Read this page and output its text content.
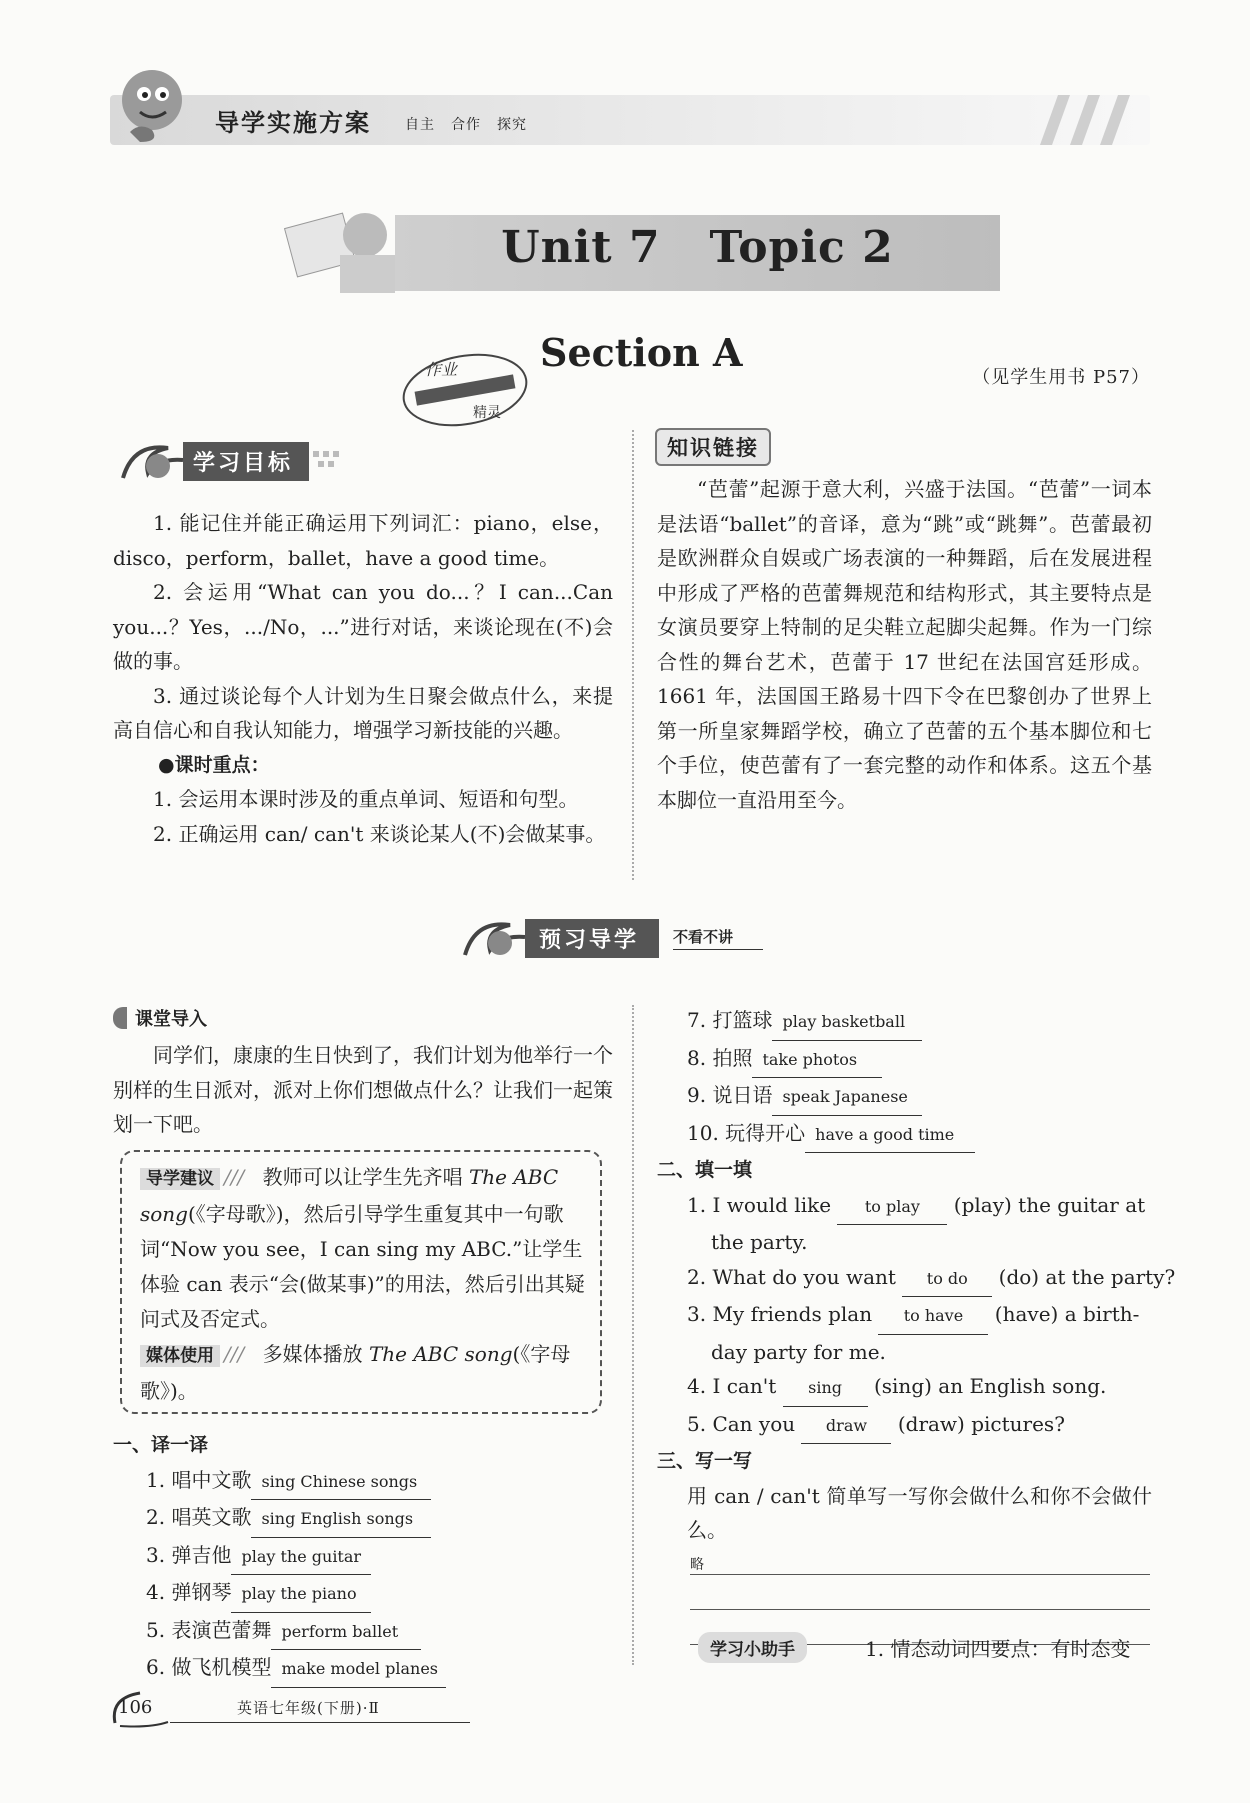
导学实施方案 自主 合作 探究
Unit 7   Topic 2
作业
精灵
Section A
（见学生用书 P57）
学习目标
1. 能记住并能正确运用下列词汇：piano，else，disco，perform，ballet，have a good time。
2. 会运用“What can you do...？I can...Can you...？Yes，.../No，...”进行对话，来谈论现在(不)会做的事。
3. 通过谈论每个人计划为生日聚会做点什么，来提高自信心和自我认知能力，增强学习新技能的兴趣。
●课时重点：
1. 会运用本课时涉及的重点单词、短语和句型。
2. 正确运用 can/ can't 来谈论某人(不)会做某事。
知识链接
“芭蕾”起源于意大利，兴盛于法国。“芭蕾”一词本是法语“ballet”的音译，意为“跳”或“跳舞”。芭蕾最初是欧洲群众自娱或广场表演的一种舞蹈，后在发展进程中形成了严格的芭蕾舞规范和结构形式，其主要特点是女演员要穿上特制的足尖鞋立起脚尖起舞。作为一门综合性的舞台艺术，芭蕾于 17 世纪在法国宫廷形成。1661 年，法国国王路易十四下令在巴黎创办了世界上第一所皇家舞蹈学校，确立了芭蕾的五个基本脚位和七个手位，使芭蕾有了一套完整的动作和体系。这五个基本脚位一直沿用至今。
预习导学	不看不讲
课堂导入
同学们，康康的生日快到了，我们计划为他举行一个别样的生日派对，派对上你们想做点什么？让我们一起策划一下吧。
导学建议 /// 教师可以让学生先齐唱 The ABC song(《字母歌》)，然后引导学生重复其中一句歌词“Now you see，I can sing my ABC.”让学生体验 can 表示“会(做某事)”的用法，然后引出其疑问式及否定式。
媒体使用 /// 多媒体播放 The ABC song(《字母歌》)。
一、译一译
1. 唱中文歌 sing Chinese songs
2. 唱英文歌 sing English songs
3. 弹吉他 play the guitar
4. 弹钢琴 play the piano
5. 表演芭蕾舞 perform ballet
6. 做飞机模型 make model planes
7. 打篮球 play basketball
8. 拍照 take photos
9. 说日语 speak Japanese
10. 玩得开心 have a good time
二、填一填
1. I would like to play (play) the guitar at
the party.
2. What do you want to do (do) at the party?
3. My friends plan to have (have) a birth-
day party for me.
4. I can't sing (sing) an English song.
5. Can you draw (draw) pictures?
三、写一写
用 can / can't 简单写一写你会做什么和你不会做什么。
略
学习小助手	1. 情态动词四要点：有时态变
106	英语七年级(下册)·Ⅱ
